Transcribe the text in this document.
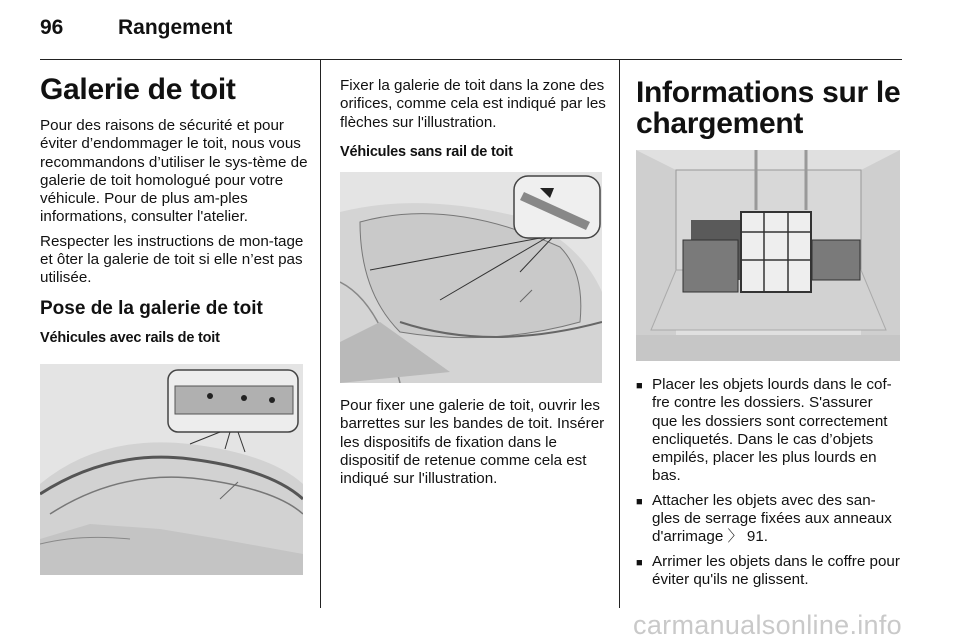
96	Rangement
Galerie de toit

Pour des raisons de sécurité et pour éviter d’endommager le toit, nous vous recommandons d’utiliser le sys-tème de galerie de toit homologué pour votre véhicule. Pour de plus am-ples informations, consulter l'atelier.

Respecter les instructions de mon-tage et ôter la galerie de toit si elle n’est pas utilisée.

Pose de la galerie de toit
Véhicules avec rails de toit

Fixer la galerie de toit dans la zone des orifices, comme cela est indiqué par les flèches sur l'illustration.

Véhicules sans rail de toit

Pour fixer une galerie de toit, ouvrir les barrettes sur les bandes de toit. Insérer les dispositifs de fixation dans le dispositif de retenue comme cela est indiqué sur l'illustration.

Informations sur le chargement
■ Placer les objets lourds dans le cof-fre contre les dossiers. S'assurer que les dossiers sont correctement encliquetés. Dans le cas d’objets empilés, placer les plus lourds en bas.
■ Attacher les objets avec des san-gles de serrage fixées aux anneaux d'arrimage 〉 91.
■ Arrimer les objets dans le coffre pour éviter qu'ils ne glissent.
carmanualsonline.info
